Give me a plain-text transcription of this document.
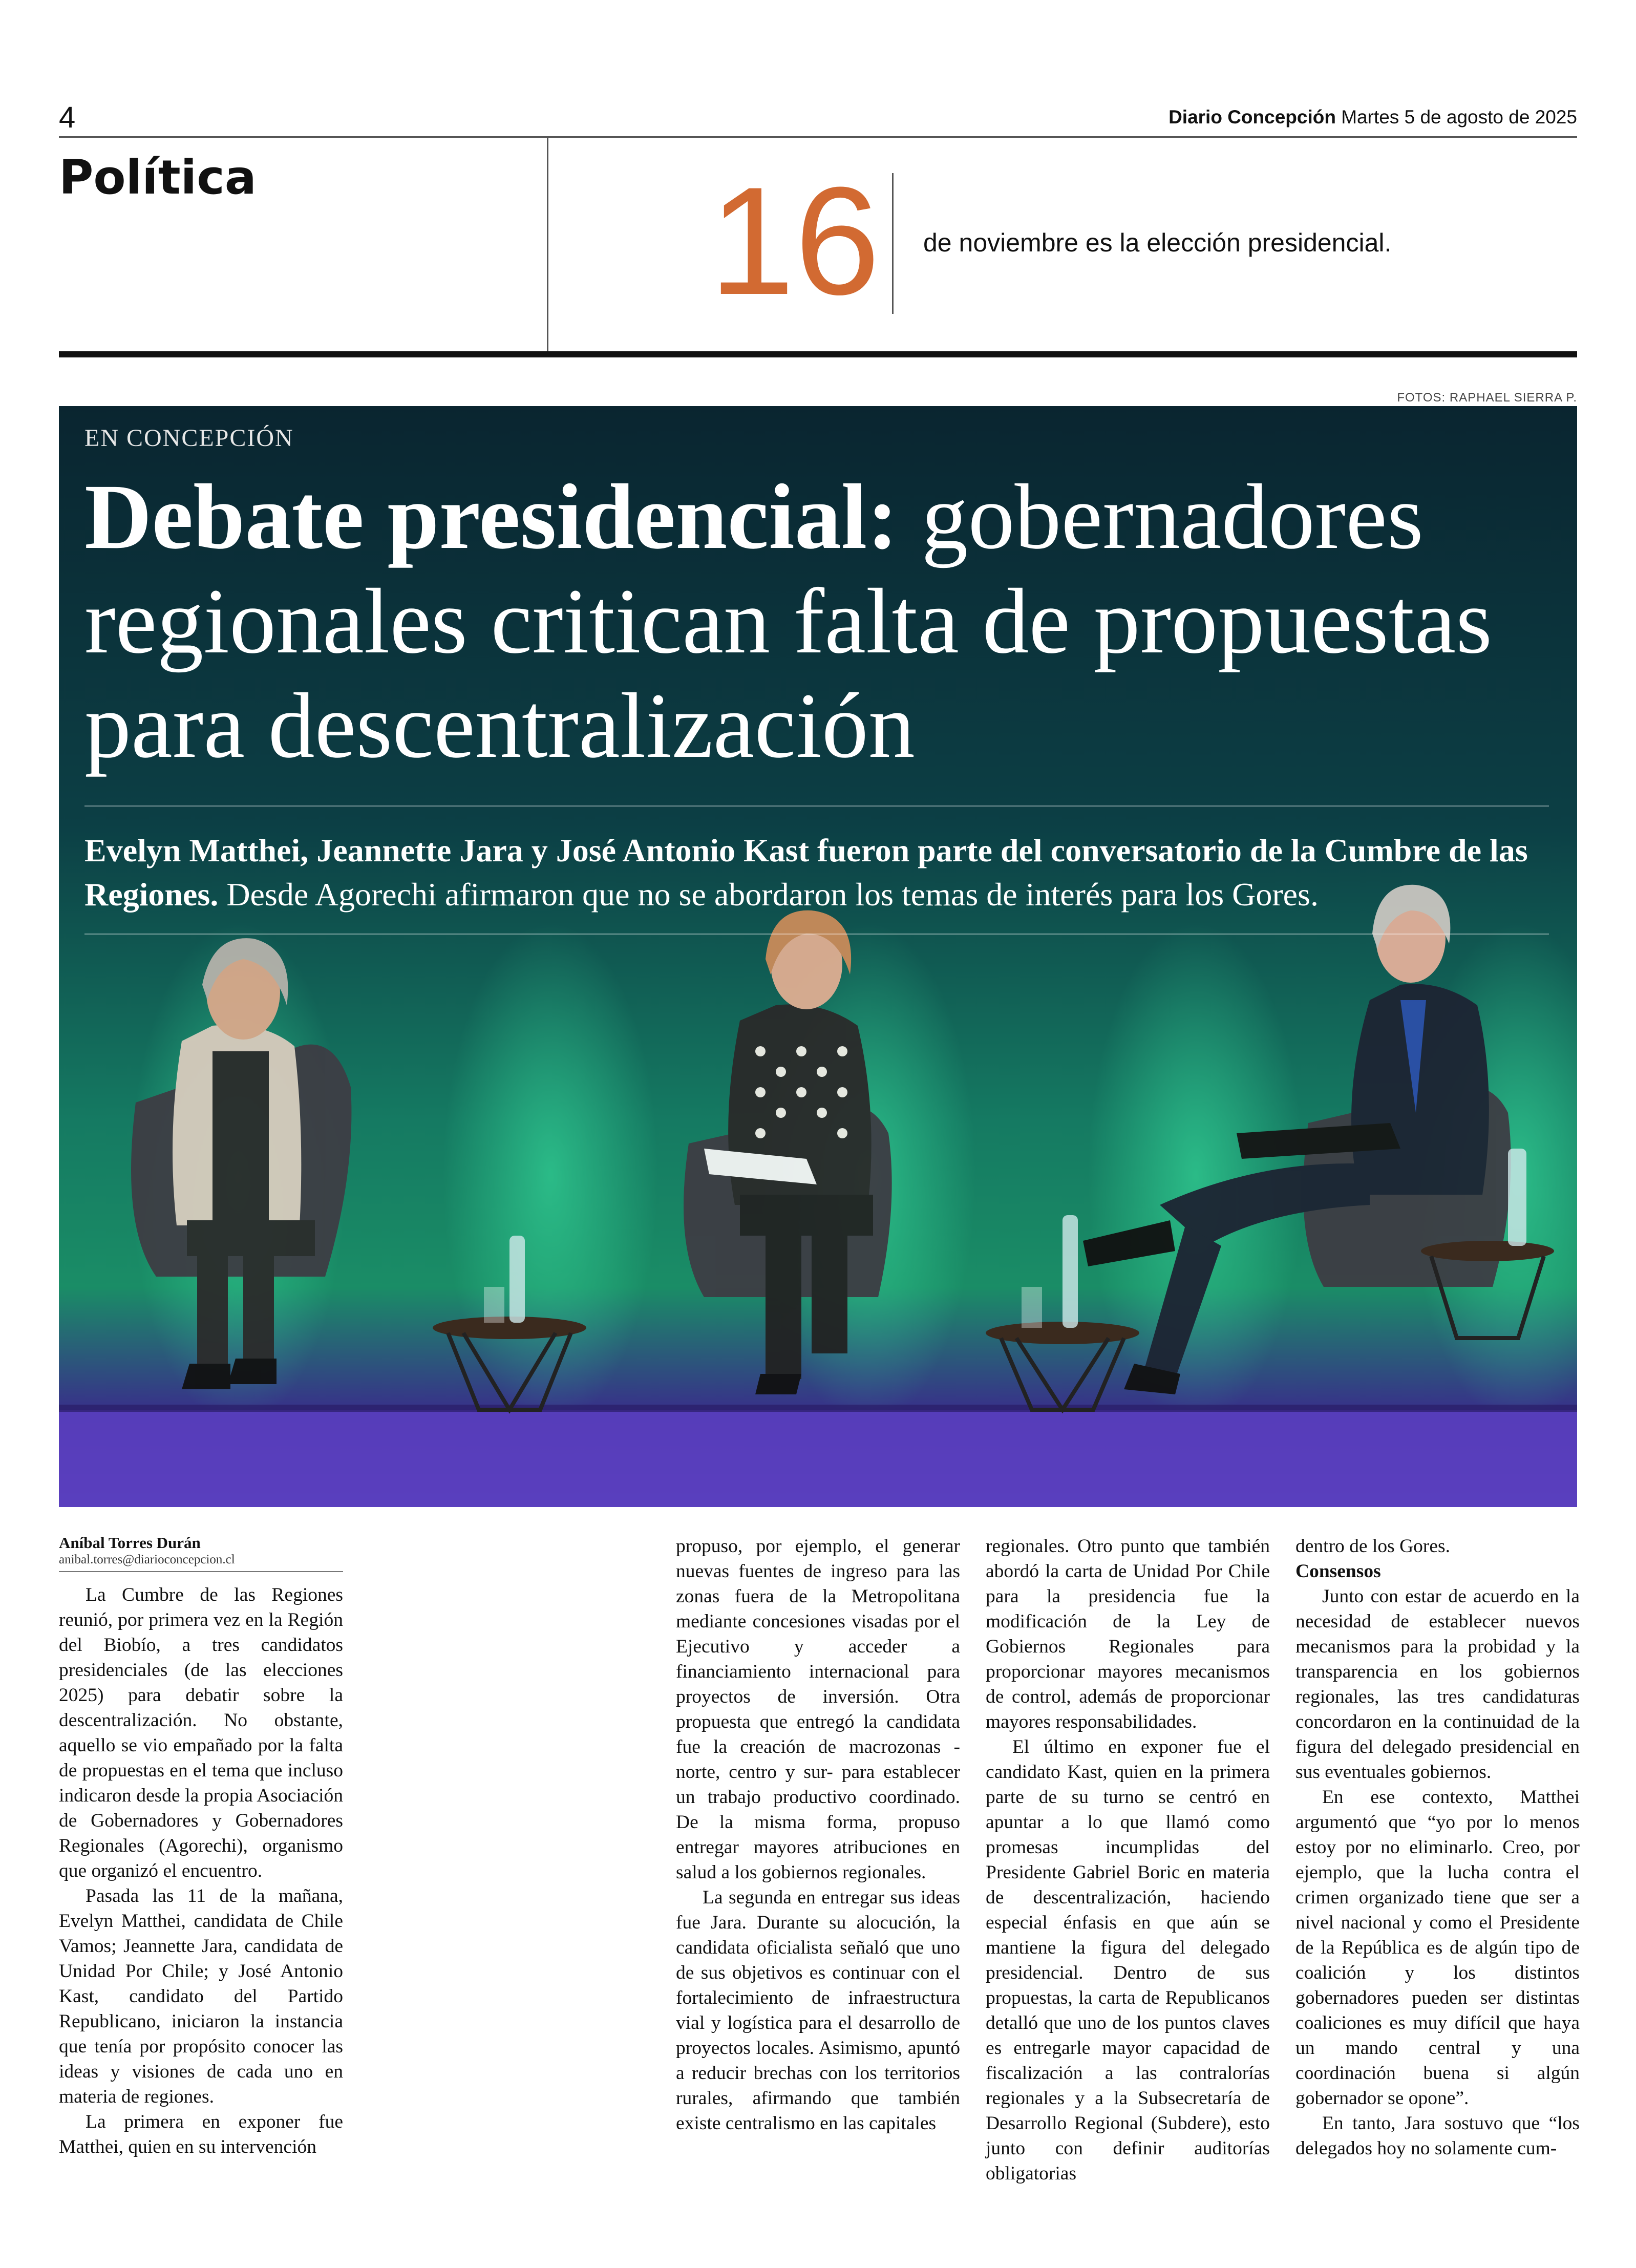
4	Diario Concepción Martes 5 de agosto de 2025
Política	16 de noviembre es la elección presidencial.
FOTOS: RAPHAEL SIERRA P.
EN CONCEPCIÓN
Debate presidencial: gobernadores regionales critican falta de propuestas para descentralización
Evelyn Matthei, Jeannette Jara y José Antonio Kast fueron parte del conversatorio de la Cumbre de las Regiones. Desde Agorechi afirmaron que no se abordaron los temas de interés para los Gores.
Aníbal Torres Durán
anibal.torres@diarioconcepcion.cl

La Cumbre de las Regiones reunió, por primera vez en la Región del Biobío, a tres candidatos presidenciales (de las elecciones 2025) para debatir sobre la descentralización. No obstante, aquello se vio empañado por la falta de propuestas en el tema que incluso indicaron desde la propia Asociación de Gobernadores y Gobernadores Regionales (Agorechi), organismo que organizó el encuentro.

Pasada las 11 de la mañana, Evelyn Matthei, candidata de Chile Vamos; Jeannette Jara, candidata de Unidad Por Chile; y José Antonio Kast, candidato del Partido Republicano, iniciaron la instancia que tenía por propósito conocer las ideas y visiones de cada uno en materia de regiones.

La primera en exponer fue Matthei, quien en su intervención

propuso, por ejemplo, el generar nuevas fuentes de ingreso para las zonas fuera de la Metropolitana mediante concesiones visadas por el Ejecutivo y acceder a financiamiento internacional para proyectos de inversión. Otra propuesta que entregó la candidata fue la creación de macrozonas -norte, centro y sur- para establecer un trabajo productivo coordinado. De la misma forma, propuso entregar mayores atribuciones en salud a los gobiernos regionales.

La segunda en entregar sus ideas fue Jara. Durante su alocución, la candidata oficialista señaló que uno de sus objetivos es continuar con el fortalecimiento de infraestructura vial y logística para el desarrollo de proyectos locales. Asimismo, apuntó a reducir brechas con los territorios rurales, afirmando que también existe centralismo en las capitales

regionales. Otro punto que también abordó la carta de Unidad Por Chile para la presidencia fue la modificación de la Ley de Gobiernos Regionales para proporcionar mayores mecanismos de control, además de proporcionar mayores responsabilidades.

El último en exponer fue el candidato Kast, quien en la primera parte de su turno se centró en apuntar a lo que llamó como promesas incumplidas del Presidente Gabriel Boric en materia de descentralización, haciendo especial énfasis en que aún se mantiene la figura del delegado presidencial. Dentro de sus propuestas, la carta de Republicanos detalló que uno de los puntos claves es entregarle mayor capacidad de fiscalización a las contralorías regionales y a la Subsecretaría de Desarrollo Regional (Subdere), esto junto con definir auditorías obligatorias

dentro de los Gores.

Consensos

Junto con estar de acuerdo en la necesidad de establecer nuevos mecanismos para la probidad y la transparencia en los gobiernos regionales, las tres candidaturas concordaron en la continuidad de la figura del delegado presidencial en sus eventuales gobiernos.

En ese contexto, Matthei argumentó que “yo por lo menos estoy por no eliminarlo. Creo, por ejemplo, que la lucha contra el crimen organizado tiene que ser a nivel nacional y como el Presidente de la República es de algún tipo de coalición y los distintos gobernadores pueden ser distintas coaliciones es muy difícil que haya un mando central y una coordinación buena si algún gobernador se opone”.

En tanto, Jara sostuvo que “los delegados hoy no solamente cum-
